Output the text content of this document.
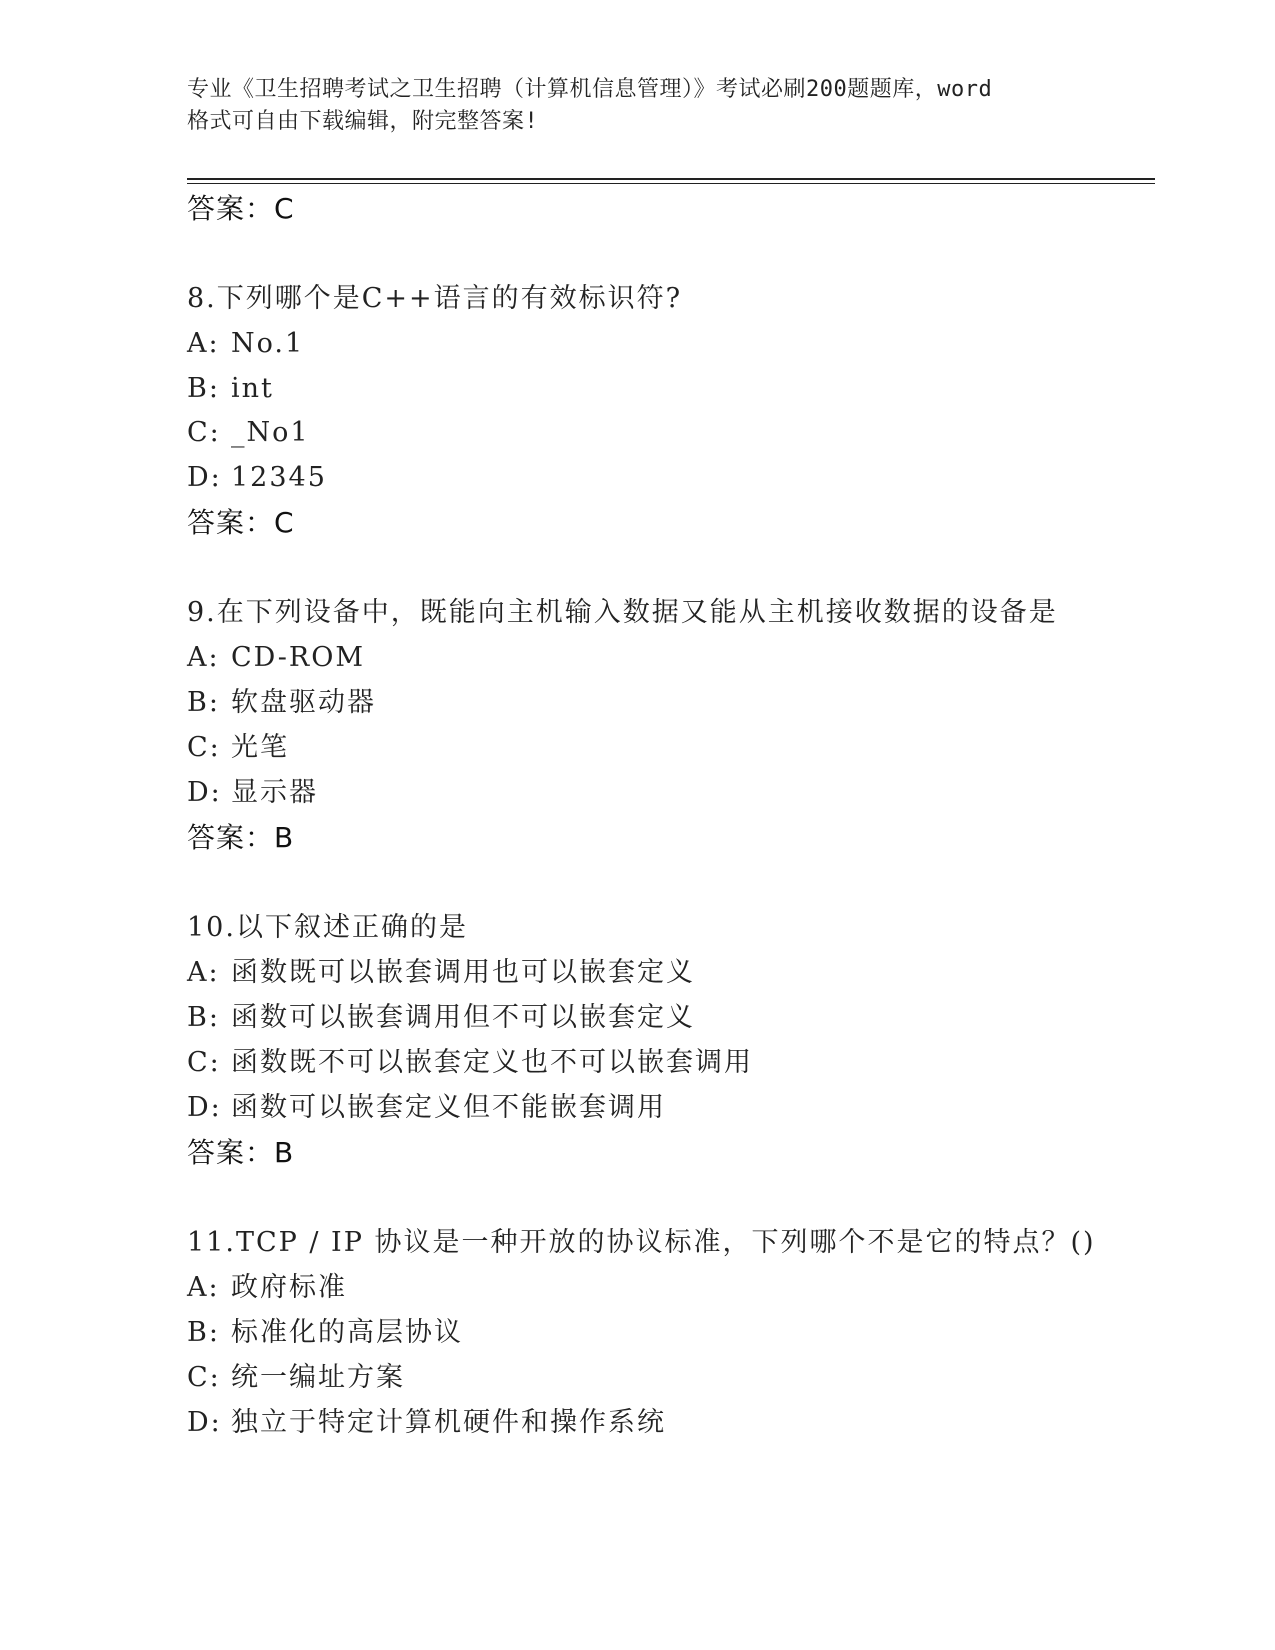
专业《卫生招聘考试之卫生招聘（计算机信息管理）》考试必刷200题题库，word
格式可自由下载编辑，附完整答案!
答案：C
8.下列哪个是C++语言的有效标识符?
A: No.1
B: int
C: _No1
D: 12345
答案：C
9.在下列设备中，既能向主机输入数据又能从主机接收数据的设备是
A: CD-ROM
B: 软盘驱动器
C: 光笔
D: 显示器
答案：B
10.以下叙述正确的是
A: 函数既可以嵌套调用也可以嵌套定义
B: 函数可以嵌套调用但不可以嵌套定义
C: 函数既不可以嵌套定义也不可以嵌套调用
D: 函数可以嵌套定义但不能嵌套调用
答案：B
11.TCP / IP 协议是一种开放的协议标准，下列哪个不是它的特点？()
A: 政府标准
B: 标准化的高层协议
C: 统一编址方案
D: 独立于特定计算机硬件和操作系统
